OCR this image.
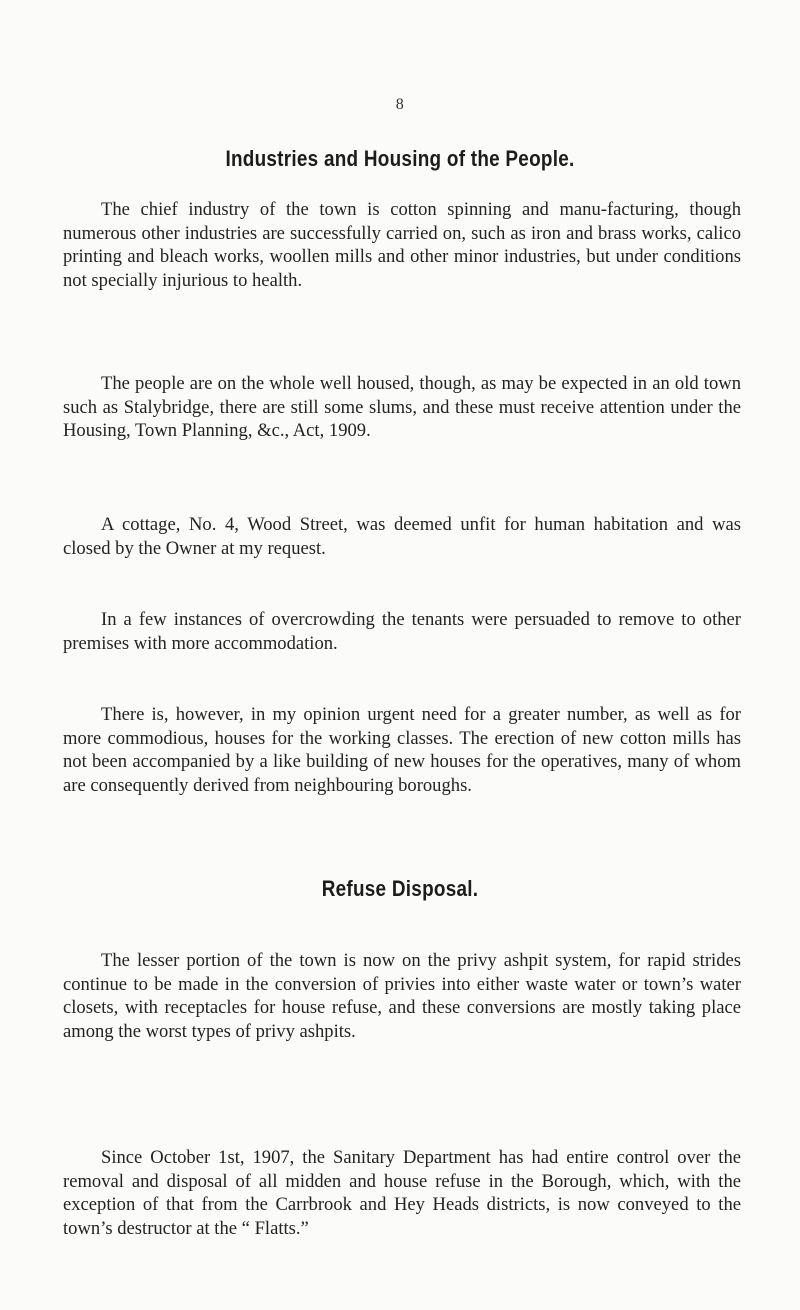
8
Industries and Housing of the People.

The chief industry of the town is cotton spinning and manu-facturing, though numerous other industries are successfully carried on, such as iron and brass works, calico printing and bleach works, woollen mills and other minor industries, but under conditions not specially injurious to health.

The people are on the whole well housed, though, as may be expected in an old town such as Stalybridge, there are still some slums, and these must receive attention under the Housing, Town Planning, &c., Act, 1909.

A cottage, No. 4, Wood Street, was deemed unfit for human habitation and was closed by the Owner at my request.

In a few instances of overcrowding the tenants were persuaded to remove to other premises with more accommodation.

There is, however, in my opinion urgent need for a greater number, as well as for more commodious, houses for the working classes. The erection of new cotton mills has not been accompanied by a like building of new houses for the operatives, many of whom are consequently derived from neighbouring boroughs.

Refuse Disposal.

The lesser portion of the town is now on the privy ashpit system, for rapid strides continue to be made in the conversion of privies into either waste water or town’s water closets, with receptacles for house refuse, and these conversions are mostly taking place among the worst types of privy ashpits.

Since October 1st, 1907, the Sanitary Department has had entire control over the removal and disposal of all midden and house refuse in the Borough, which, with the exception of that from the Carrbrook and Hey Heads districts, is now conveyed to the town’s destructor at the “ Flatts.”
